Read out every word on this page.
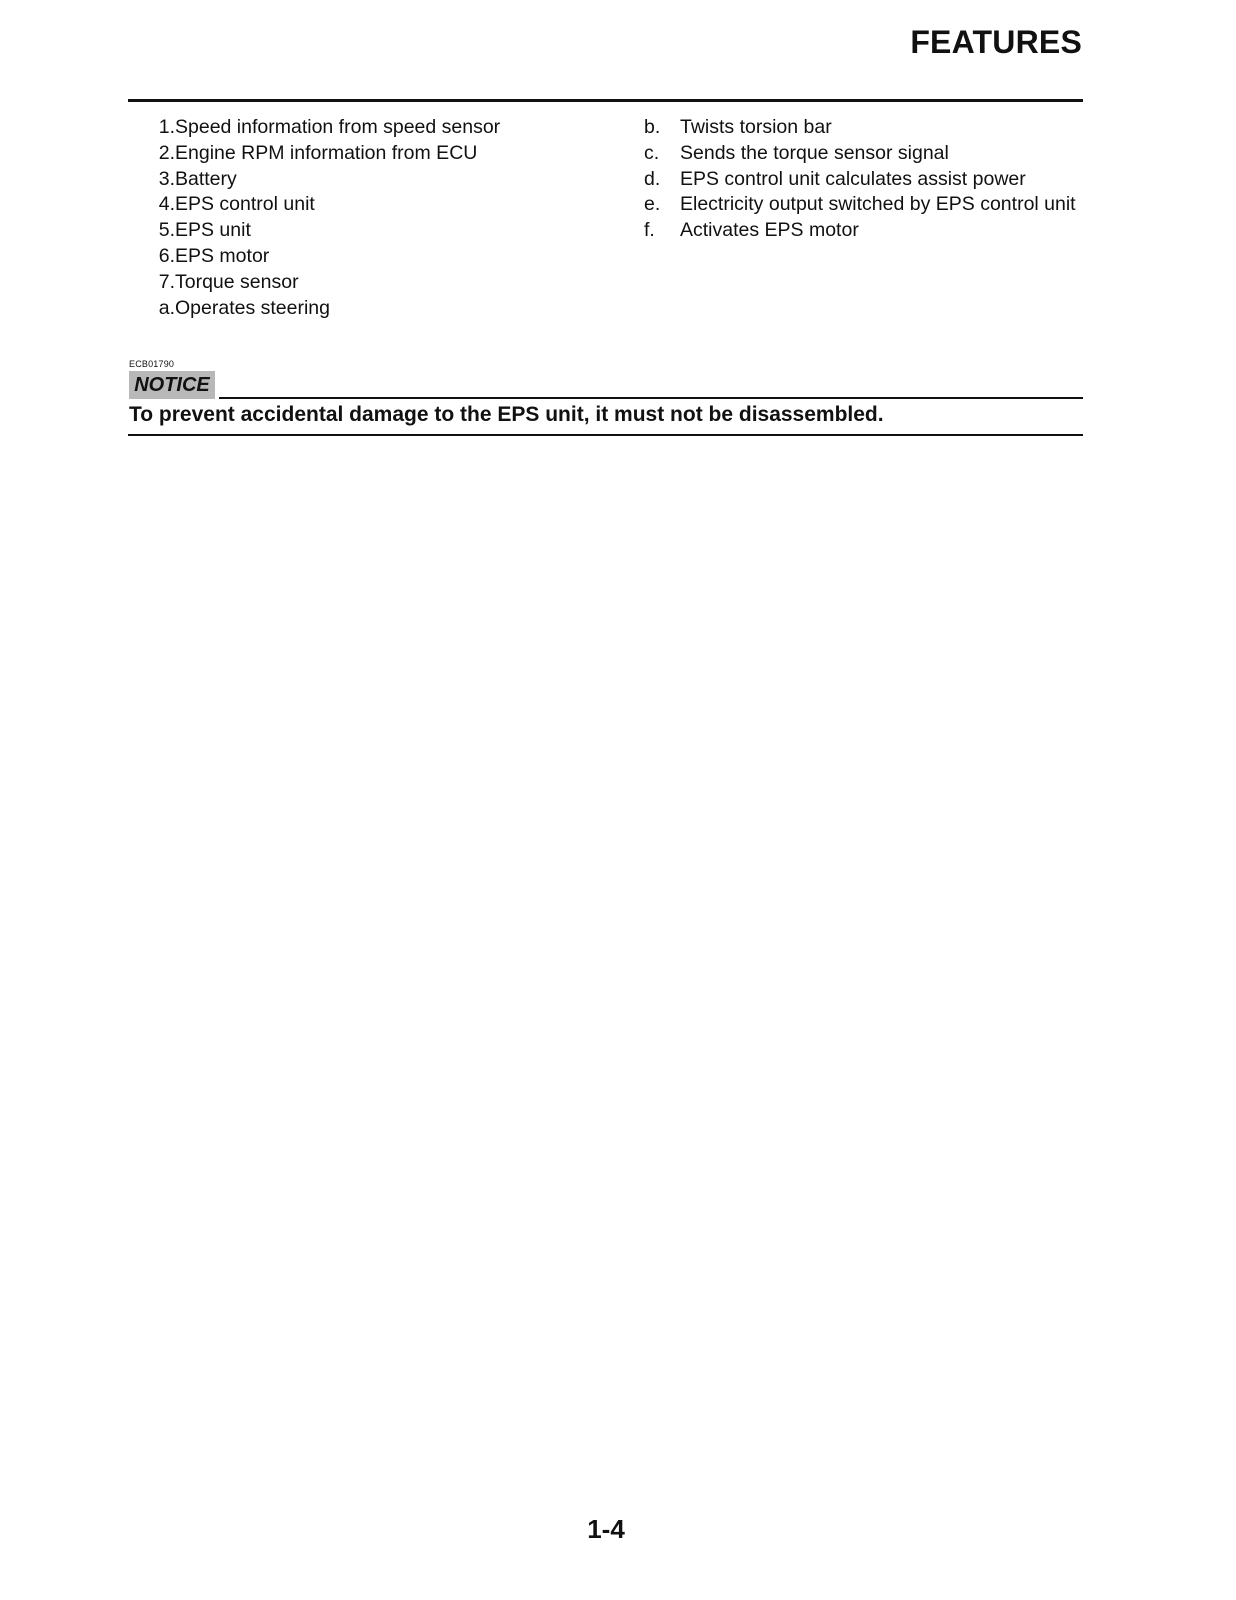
FEATURES
1. Speed information from speed sensor
2. Engine RPM information from ECU
3. Battery
4. EPS control unit
5. EPS unit
6. EPS motor
7. Torque sensor
a. Operates steering
b.	Twists torsion bar
c.	Sends the torque sensor signal
d.	EPS control unit calculates assist power
e.	Electricity output switched by EPS control unit
f.	Activates EPS motor
ECB01790
NOTICE
To prevent accidental damage to the EPS unit, it must not be disassembled.
1-4
